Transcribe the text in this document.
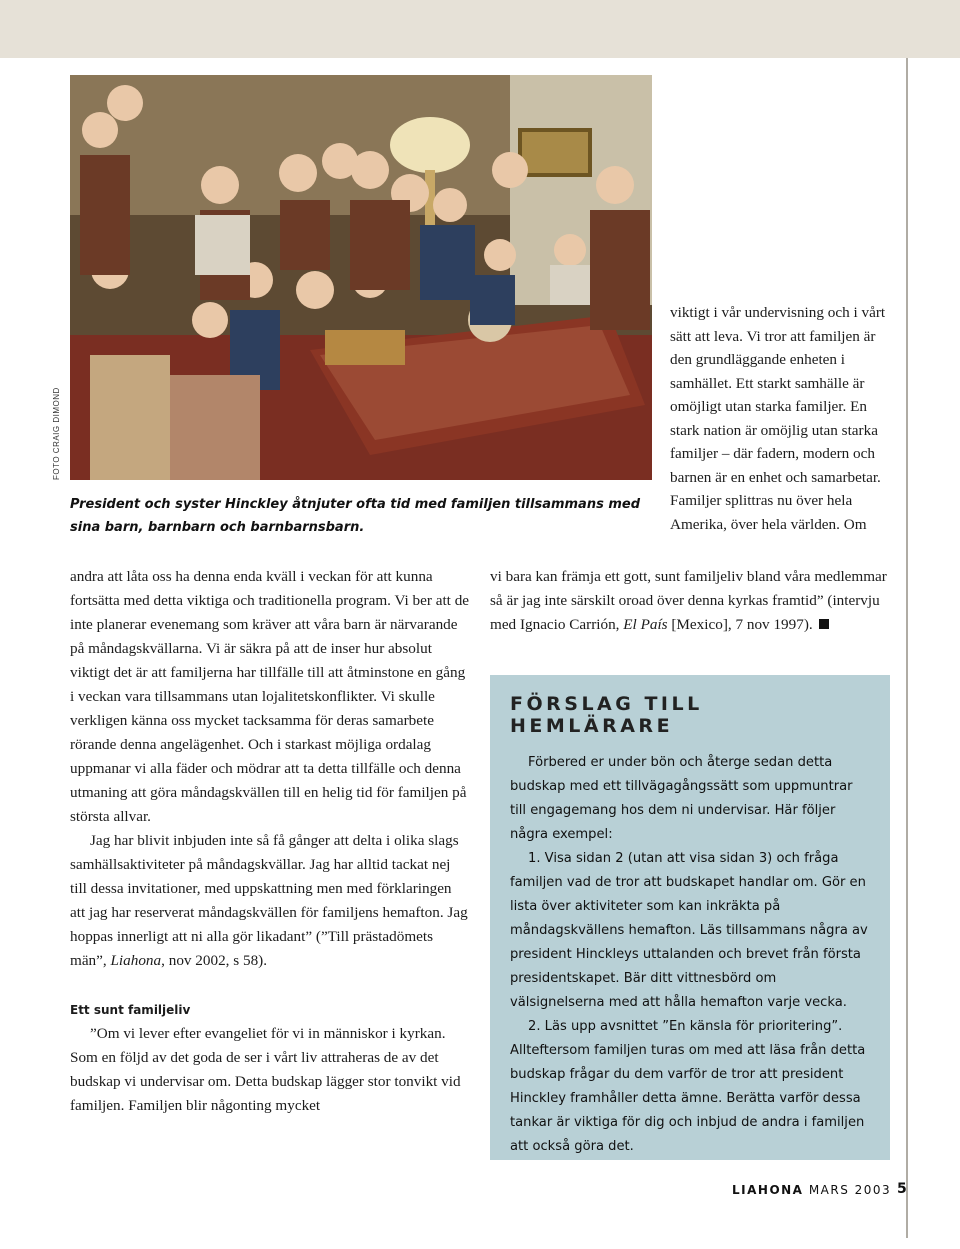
FOTO CRAIG DIMOND
President och syster Hinckley åtnjuter ofta tid med familjen tillsammans med sina barn, barnbarn och barnbarnsbarn.

andra att låta oss ha denna enda kväll i veckan för att kunna fortsätta med detta viktiga och traditionella program. Vi ber att de inte planerar evenemang som kräver att våra barn är närvarande på måndagskvällarna. Vi är säkra på att de inser hur absolut viktigt det är att familjerna har tillfälle till att åtminstone en gång i veckan vara tillsammans utan lojalitetskonflikter. Vi skulle verkligen känna oss mycket tacksamma för deras samarbete rörande denna angelägenhet. Och i starkast möjliga ordalag uppmanar vi alla fäder och mödrar att ta detta tillfälle och denna utmaning att göra måndagskvällen till en helig tid för familjen på största allvar.

Jag har blivit inbjuden inte så få gånger att delta i olika slags samhällsaktiviteter på måndagskvällar. Jag har alltid tackat nej till dessa invitationer, med uppskattning men med förklaringen att jag har reserverat måndagskvällen för familjens hemafton. Jag hoppas innerligt att ni alla gör likadant” (”Till prästadömets män”, Liahona, nov 2002, s 58).

Ett sunt familjeliv

”Om vi lever efter evangeliet för vi in människor i kyrkan. Som en följd av det goda de ser i vårt liv attraheras de av det budskap vi undervisar om. Detta budskap lägger stor tonvikt vid familjen. Familjen blir någonting mycket

viktigt i vår undervisning och i vårt sätt att leva. Vi tror att familjen är den grundläggande enheten i samhället. Ett starkt samhälle är omöjligt utan starka familjer. En stark nation är omöjlig utan starka familjer – där fadern, modern och barnen är en enhet och samarbetar. Familjer splittras nu över hela Amerika, över hela världen. Om

vi bara kan främja ett gott, sunt familjeliv bland våra medlemmar så är jag inte särskilt oroad över denna kyrkas framtid” (intervju med Ignacio Carrión, El País [Mexico], 7 nov 1997).

FÖRSLAG TILL HEMLÄRARE

Förbered er under bön och återge sedan detta budskap med ett tillvägagångssätt som uppmuntrar till engagemang hos dem ni undervisar. Här följer några exempel:

1. Visa sidan 2 (utan att visa sidan 3) och fråga familjen vad de tror att budskapet handlar om. Gör en lista över aktiviteter som kan inkräkta på måndagskvällens hemafton. Läs tillsammans några av president Hinckleys uttalanden och brevet från första presidentskapet. Bär ditt vittnesbörd om välsignelserna med att hålla hemafton varje vecka.

2. Läs upp avsnittet ”En känsla för prioritering”. Allteftersom familjen turas om med att läsa från detta budskap frågar du dem varför de tror att president Hinckley framhåller detta ämne. Berätta varför dessa tankar är viktiga för dig och inbjud de andra i familjen att också göra det.

LIAHONA MARS 2003 5
